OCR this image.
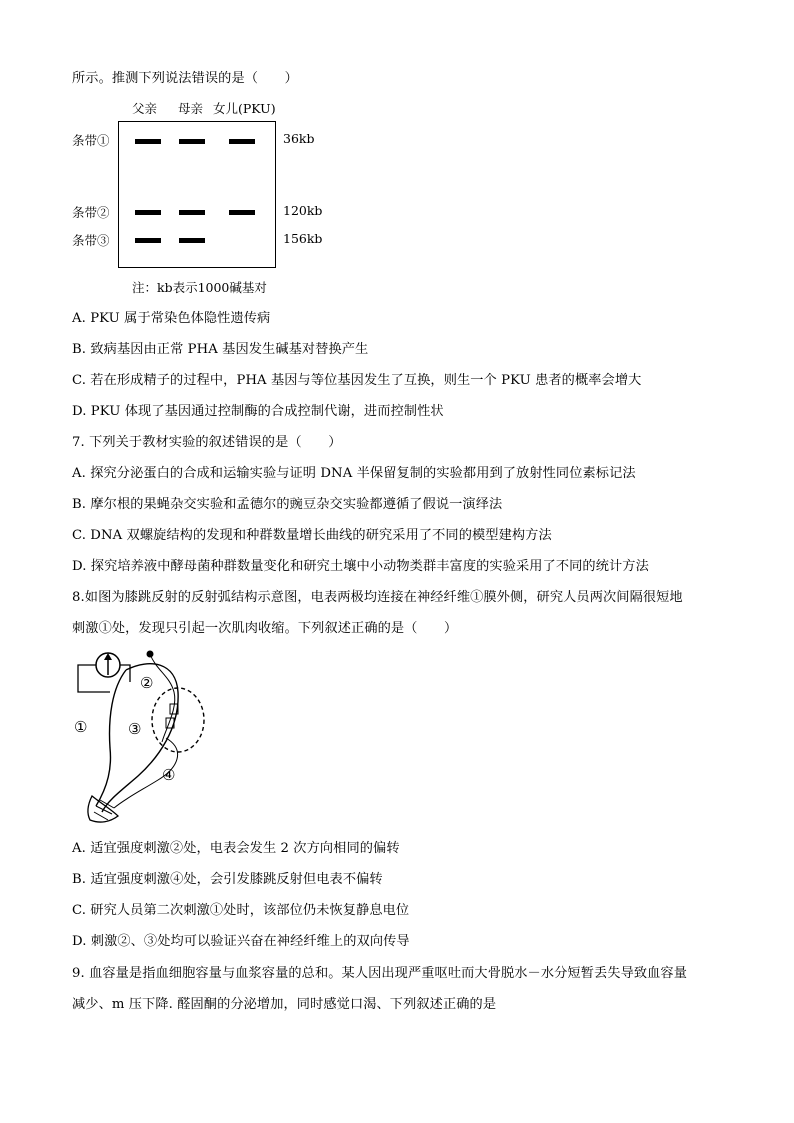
所示。推测下列说法错误的是（　　）
父亲 母亲 女儿(PKU)
条带①
条带②
条带③
36kb
120kb
156kb
注：kb表示1000碱基对
A. PKU 属于常染色体隐性遗传病
B. 致病基因由正常 PHA 基因发生碱基对替换产生
C. 若在形成精子的过程中，PHA 基因与等位基因发生了互换，则生一个 PKU 患者的概率会增大
D. PKU 体现了基因通过控制酶的合成控制代谢，进而控制性状
7. 下列关于教材实验的叙述错误的是（　　）
A. 探究分泌蛋白的合成和运输实验与证明 DNA 半保留复制的实验都用到了放射性同位素标记法
B. 摩尔根的果蝇杂交实验和孟德尔的豌豆杂交实验都遵循了假说一演绎法
C. DNA 双螺旋结构的发现和种群数量增长曲线的研究采用了不同的模型建构方法
D. 探究培养液中酵母菌种群数量变化和研究土壤中小动物类群丰富度的实验采用了不同的统计方法
8.如图为膝跳反射的反射弧结构示意图，电表两极均连接在神经纤维①膜外侧，研究人员两次间隔很短地
刺激①处，发现只引起一次肌肉收缩。下列叙述正确的是（　　）
①
②
③
④
A. 适宜强度刺激②处，电表会发生 2 次方向相同的偏转
B. 适宜强度刺激④处，会引发膝跳反射但电表不偏转
C. 研究人员第二次刺激①处时，该部位仍未恢复静息电位
D. 刺激②、③处均可以验证兴奋在神经纤维上的双向传导
9. 血容量是指血细胞容量与血浆容量的总和。某人因出现严重呕吐而大骨脱水－水分短暂丢失导致血容量
减少、m 压下降. 醛固酮的分泌增加，同时感觉口渴、下列叙述正确的是
